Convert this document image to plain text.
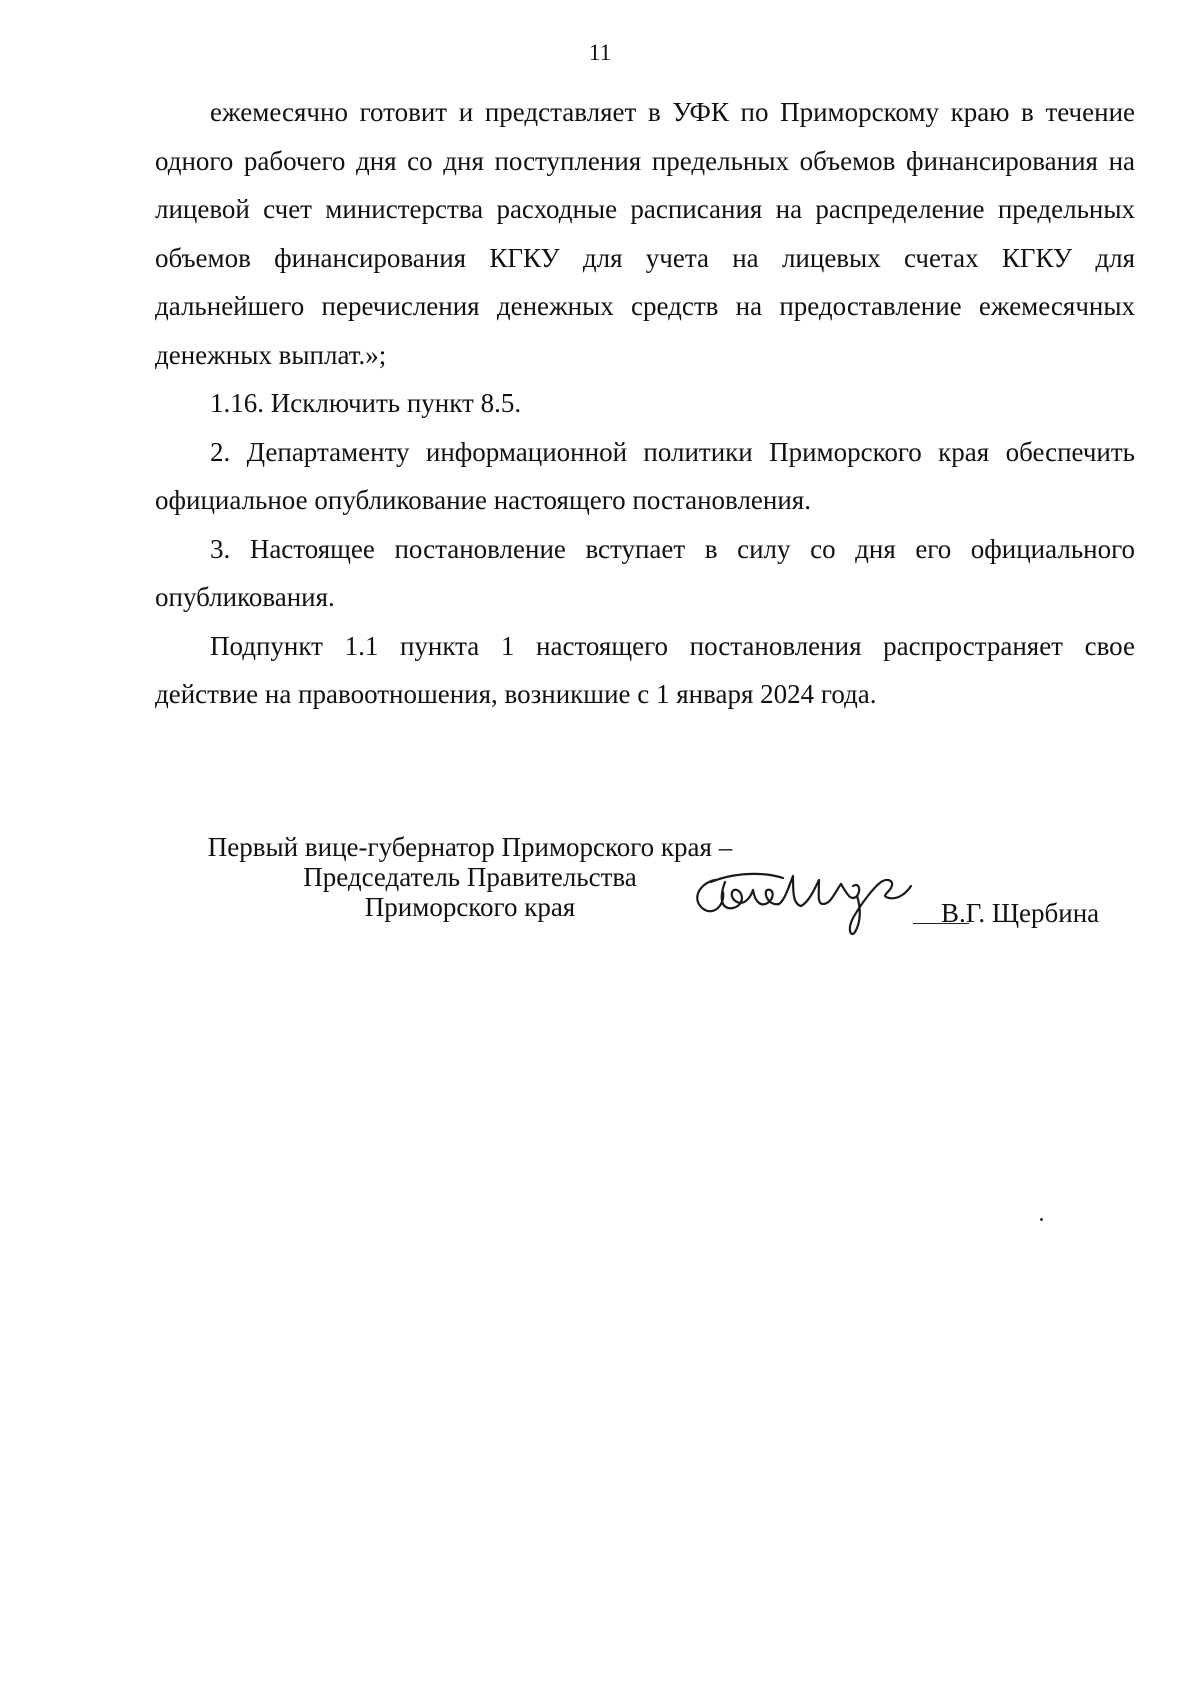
11

ежемесячно готовит и представляет в УФК по Приморскому краю в течение одного рабочего дня со дня поступления предельных объемов финансирования на лицевой счет министерства расходные расписания на распределение предельных объемов финансирования КГКУ для учета на лицевых счетах КГКУ для дальнейшего перечисления денежных средств на предоставление ежемесячных денежных выплат.»;

1.16. Исключить пункт 8.5.

2. Департаменту информационной политики Приморского края обеспечить официальное опубликование настоящего постановления.

3. Настоящее постановление вступает в силу со дня его официального опубликования.

Подпункт 1.1 пункта 1 настоящего постановления распространяет свое действие на правоотношения, возникшие с 1 января 2024 года.

Первый вице-губернатор Приморского края –
Председатель Правительства
Приморского края	В.Г. Щербина
